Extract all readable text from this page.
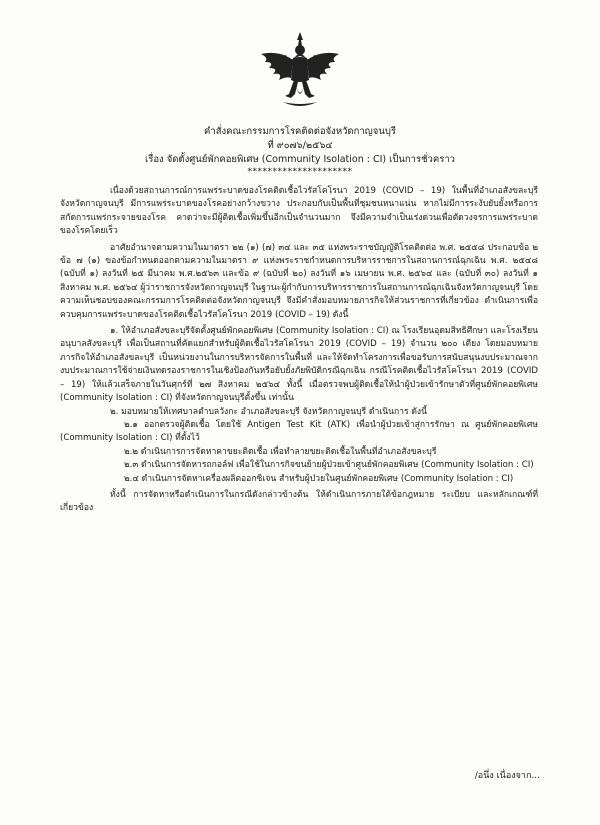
คำสั่งคณะกรรมการโรคติดต่อจังหวัดกาญจนบุรี
ที่ ๙๐๗๖/๒๕๖๔
เรื่อง จัดตั้งศูนย์พักคอยพิเศษ (Community Isolation : CI) เป็นการชั่วคราว
*********************

เนื่องด้วยสถานการณ์การแพร่ระบาดของโรคติดเชื้อไวรัสโคโรนา 2019 (COVID – 19) ในพื้นที่อำเภอสังขละบุรี จังหวัดกาญจนบุรี มีการแพร่ระบาดของโรคอย่างกว้างขวาง ประกอบกับเป็นพื้นที่ชุมชนหนาแน่น หากไม่มีการระงับยับยั้งหรือการสกัดการแพร่กระจายของโรค คาดว่าจะมีผู้ติดเชื้อเพิ่มขึ้นอีกเป็นจำนวนมาก จึงมีความจำเป็นเร่งด่วนเพื่อตัดวงจรการแพร่ระบาดของโรคโดยเร็ว

อาศัยอำนาจตามความในมาตรา ๒๒ (๑) (๗) ๓๔ และ ๓๕ แห่งพระราชบัญญัติโรคติดต่อ พ.ศ. ๒๕๕๘ ประกอบข้อ ๒ ข้อ ๗ (๑) ของข้อกำหนดออกตามความในมาตรา ๙ แห่งพระราชกำหนดการบริหารราชการในสถานการณ์ฉุกเฉิน พ.ศ. ๒๕๔๘ (ฉบับที่ ๑) ลงวันที่ ๒๕ มีนาคม พ.ศ.๒๕๖๓ และข้อ ๙ (ฉบับที่ ๒๐) ลงวันที่ ๑๖ เมษายน พ.ศ. ๒๕๖๔ และ (ฉบับที่ ๓๐) ลงวันที่ ๑ สิงหาคม พ.ศ. ๒๕๖๔ ผู้ว่าราชการจังหวัดกาญจนบุรี ในฐานะผู้กำกับการบริหารราชการในสถานการณ์ฉุกเฉินจังหวัดกาญจนบุรี โดยความเห็นชอบของคณะกรรมการโรคติดต่อจังหวัดกาญจนบุรี จึงมีคำสั่งมอบหมายภารกิจให้ส่วนราชการที่เกี่ยวข้อง ดำเนินการเพื่อควบคุมการแพร่ระบาดของโรคติดเชื้อไวรัสโคโรนา 2019 (COVID – 19) ดังนี้

๑. ให้อำเภอสังขละบุรีจัดตั้งศูนย์พักคอยพิเศษ (Community Isolation : CI) ณ โรงเรียนอุดมสิทธิศึกษา และโรงเรียนอนุบาลสังขละบุรี เพื่อเป็นสถานที่คัดแยกสำหรับผู้ติดเชื้อไวรัสโคโรนา 2019 (COVID – 19) จำนวน ๒๐๐ เตียง โดยมอบหมายภารกิจให้อำเภอสังขละบุรี เป็นหน่วยงานในการบริหารจัดการในพื้นที่ และให้จัดทำโครงการเพื่อขอรับการสนับสนุนงบประมาณจากงบประมาณการใช้จ่ายเงินทดรองราชการในเชิงป้องกันหรือยับยั้งภัยพิบัติกรณีฉุกเฉิน กรณีโรคติดเชื้อไวรัสโคโรนา 2019 (COVID – 19) ให้แล้วเสร็จภายในวันศุกร์ที่ ๒๗ สิงหาคม ๒๕๖๔ ทั้งนี้ เมื่อตรวจพบผู้ติดเชื้อให้นำผู้ป่วยเข้ารักษาตัวที่ศูนย์พักคอยพิเศษ (Community Isolation : CI) ที่จังหวัดกาญจนบุรีตั้งขึ้น เท่านั้น

๒. มอบหมายให้เทศบาลตำบลวังกะ อำเภอสังขละบุรี จังหวัดกาญจนบุรี ดำเนินการ ดังนี้

๒.๑ ออกตรวจผู้ติดเชื้อ โดยใช้ Antigen Test Kit (ATK) เพื่อนำผู้ป่วยเข้าสู่การรักษา ณ ศูนย์พักคอยพิเศษ (Community Isolation : CI) ที่ตั้งไว้

๒.๒ ดำเนินการการจัดหาคาขยะติดเชื้อ เพื่อทำลายขยะติดเชื้อในพื้นที่อำเภอสังขละบุรี

๒.๓ ดำเนินการจัดหารถกอล์ฟ เพื่อใช้ในการกิจขนย้ายผู้ป่วยเข้าศูนย์พักคอยพิเศษ (Community Isolation : CI)

๒.๔ ดำเนินการจัดหาเครื่องผลิตออกซิเจน สำหรับผู้ป่วยในศูนย์พักคอยพิเศษ (Community Isolation : CI)

ทั้งนี้ การจัดหาหรือดำเนินการในกรณีดังกล่าวข้างต้น ให้ดำเนินการภายใต้ข้อกฎหมาย ระเบียบ และหลักเกณฑ์ที่เกี่ยวข้อง

/อนึ่ง เนื่องจาก...
